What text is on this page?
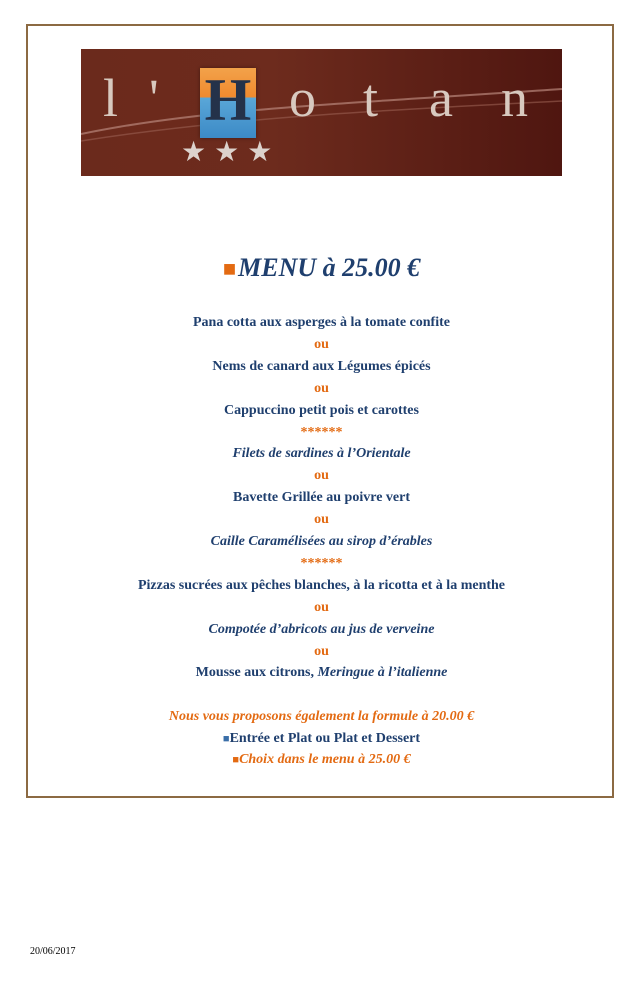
l ' o t a n
H
★★★
■MENU à 25.00 €
Pana cotta aux asperges à la tomate confite
ou
Nems de canard aux Légumes épicés
ou
Cappuccino petit pois et carottes
******
Filets de sardines à l’Orientale
ou
Bavette Grillée au poivre vert
ou
Caille Caramélisées au sirop d’érables
******
Pizzas sucrées aux pêches blanches, à la ricotta et à la menthe
ou
Compotée d’abricots au jus de verveine
ou
Mousse aux citrons, Meringue à l’italienne
Nous vous proposons également la formule à 20.00 €
■Entrée et Plat ou Plat et Dessert
■Choix dans le menu à 25.00 €
20/06/2017
